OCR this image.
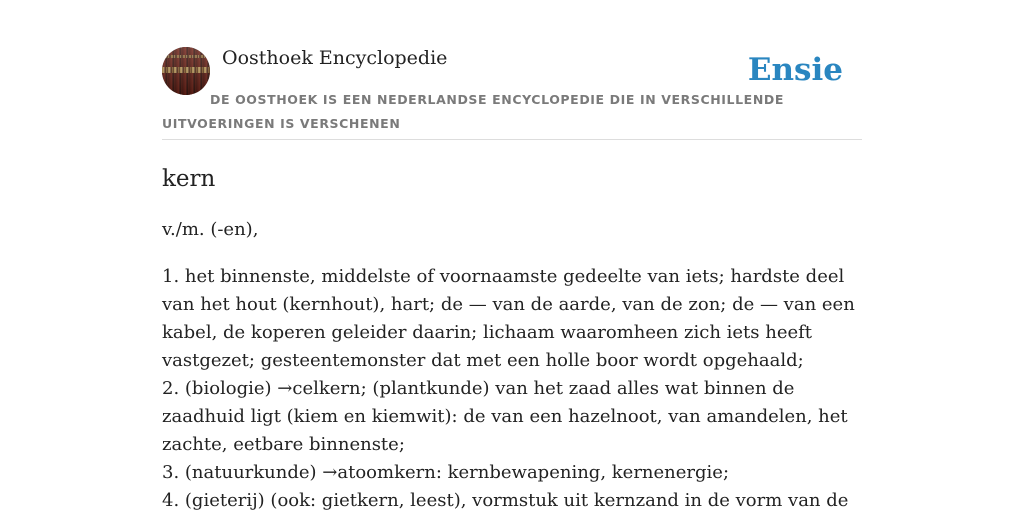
Oosthoek Encyclopedie	Ensie
DE OOSTHOEK IS EEN NEDERLANDSE ENCYCLOPEDIE DIE IN VERSCHILLENDE UITVOERINGEN IS VERSCHENEN
kern
v./m. (-en),
1. het binnenste, middelste of voornaamste gedeelte van iets; hardste deel van het hout (kernhout), hart; de — van de aarde, van de zon; de — van een kabel, de koperen geleider daarin; lichaam waaromheen zich iets heeft vastgezet; gesteentemonster dat met een holle boor wordt opgehaald;
2. (biologie) →celkern; (plantkunde) van het zaad alles wat binnen de zaadhuid ligt (kiem en kiemwit): de van een hazelnoot, van amandelen, het zachte, eetbare binnenste;
3. (natuurkunde) →atoomkern: kernbewapening, kernenergie;
4. (gieterij) (ook: gietkern, leest), vormstuk uit kernzand in de vorm van de
